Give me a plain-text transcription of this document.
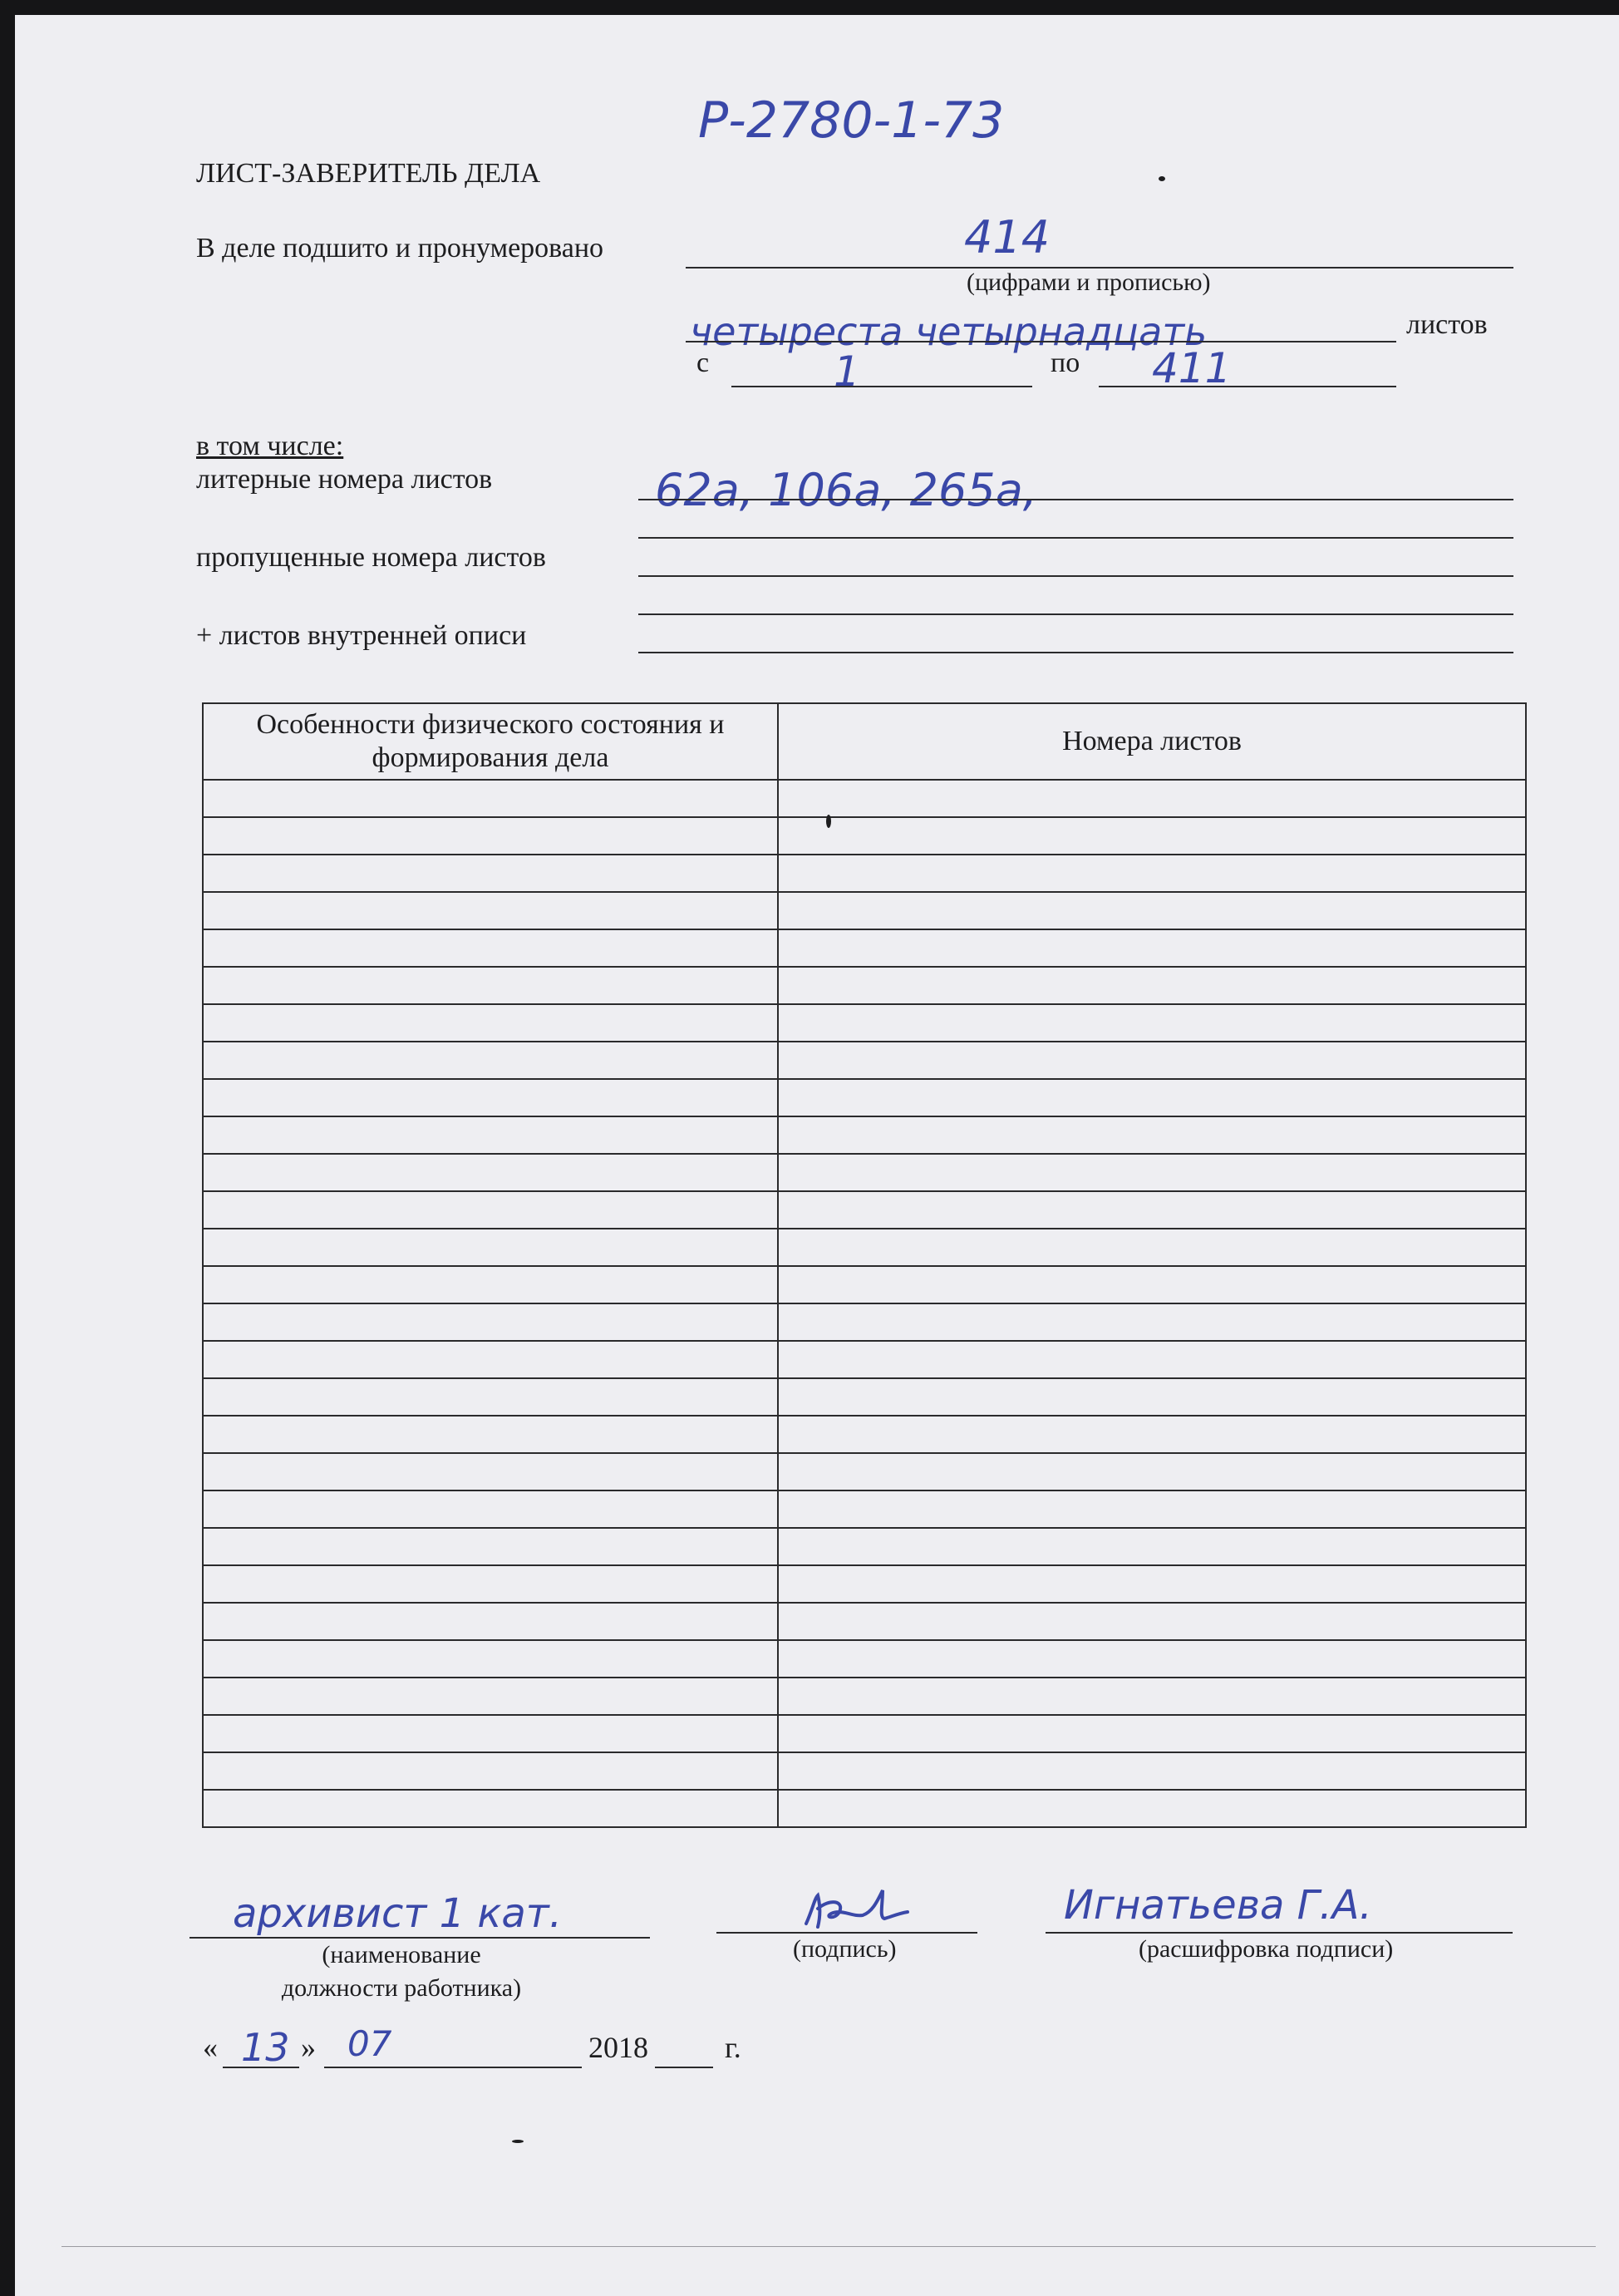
Р-2780-1-73
ЛИСТ-ЗАВЕРИТЕЛЬ ДЕЛА
В деле подшито и пронумеровано	414
(цифрами и прописью)
четыреста четырнадцать	листов
с	1	по 411
в том числе:
литерные номера листов	62а, 106а, 265а,
пропущенные номера листов
+ листов внутренней описи
Особенности физического состояния и формирования дела	Номера листов

архивист 1 кат.
(наименование должности работника)
(подпись)
Игнатьева Г.А.
(расшифровка подписи)
« 13 » 07	2018	г.
